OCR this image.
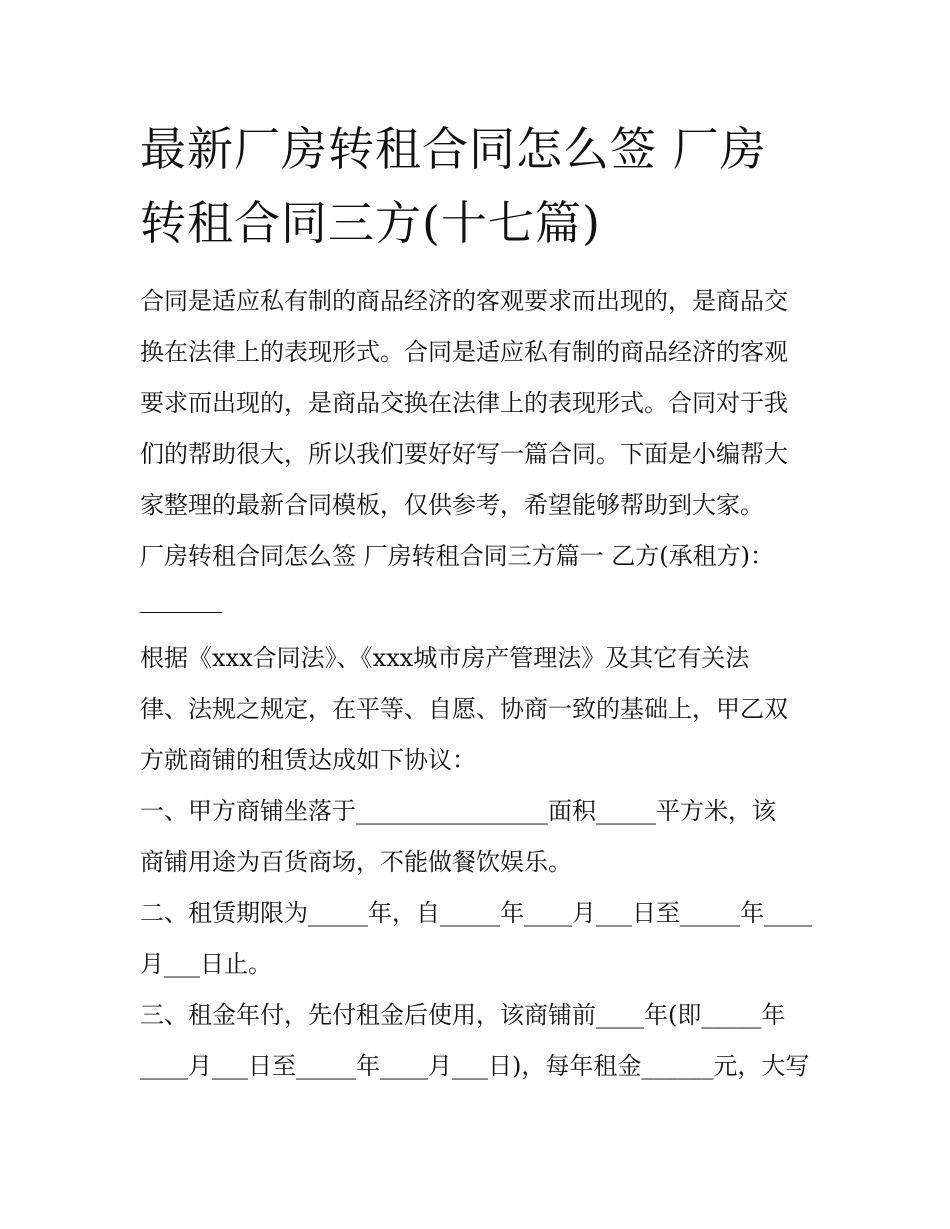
最新厂房转租合同怎么签 厂房
转租合同三方(十七篇)
合同是适应私有制的商品经济的客观要求而出现的，是商品交
换在法律上的表现形式。合同是适应私有制的商品经济的客观
要求而出现的，是商品交换在法律上的表现形式。合同对于我
们的帮助很大，所以我们要好好写一篇合同。下面是小编帮大
家整理的最新合同模板，仅供参考，希望能够帮助到大家。
厂房转租合同怎么签 厂房转租合同三方篇一 乙方(承租方)：
根据《xxx合同法》、《xxx城市房产管理法》及其它有关法
律、法规之规定，在平等、自愿、协商一致的基础上，甲乙双
方就商铺的租赁达成如下协议：
一、甲方商铺坐落于________________面积_____平方米，该
商铺用途为百货商场，不能做餐饮娱乐。
二、租赁期限为_____年，自_____年____月___日至_____年____
月___日止。
三、租金年付，先付租金后使用，该商铺前____年(即_____年
____月___日至_____年____月___日)，每年租金______元，大写
